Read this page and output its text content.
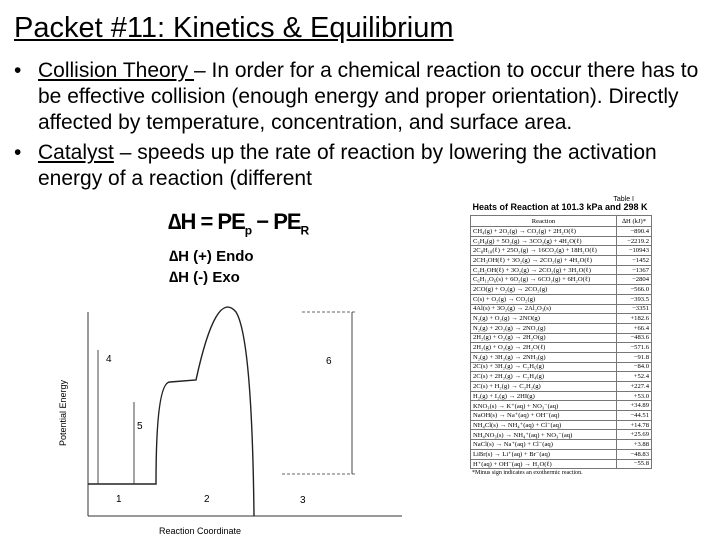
Packet #11: Kinetics & Equilibrium
• Collision Theory – In order for a chemical reaction to occur there has to be effective collision (enough energy and proper orientation). Directly affected by temperature, concentration, and surface area.
• Catalyst – speeds up the rate of reaction by lowering the activation energy of a reaction (different
$\Delta H = PE_p - PE_R$
∆H (+) Endo
∆H (-) Exo
Potential Energy
Reaction Coordinate
1	2	3
4
5
6
Table I
Heats of Reaction at 101.3 kPa and 298 K
Reaction	∆H (kJ)*
CH₄(g) + 2O₂(g) → CO₂(g) + 2H₂O(ℓ)	−890.4
C₃H₈(g) + 5O₂(g) → 3CO₂(g) + 4H₂O(ℓ)	−2219.2
2C₈H₁₈(ℓ) + 25O₂(g) → 16CO₂(g) + 18H₂O(ℓ)	−10943
2CH₃OH(ℓ) + 3O₂(g) → 2CO₂(g) + 4H₂O(ℓ)	−1452
C₂H₅OH(ℓ) + 3O₂(g) → 2CO₂(g) + 3H₂O(ℓ)	−1367
C₆H₁₂O₆(s) + 6O₂(g) → 6CO₂(g) + 6H₂O(ℓ)	−2804
2CO(g) + O₂(g) → 2CO₂(g)	−566.0
C(s) + O₂(g) → CO₂(g)	−393.5
4Al(s) + 3O₂(g) → 2Al₂O₃(s)	−3351
N₂(g) + O₂(g) → 2NO(g)	+182.6
N₂(g) + 2O₂(g) → 2NO₂(g)	+66.4
2H₂(g) + O₂(g) → 2H₂O(g)	−483.6
2H₂(g) + O₂(g) → 2H₂O(ℓ)	−571.6
N₂(g) + 3H₂(g) → 2NH₃(g)	−91.8
2C(s) + 3H₂(g) → C₂H₆(g)	−84.0
2C(s) + 2H₂(g) → C₂H₄(g)	+52.4
2C(s) + H₂(g) → C₂H₂(g)	+227.4
H₂(g) + I₂(g) → 2HI(g)	+53.0
KNO₃(s) → K⁺(aq) + NO₃⁻(aq)	+34.89
NaOH(s) → Na⁺(aq) + OH⁻(aq)	−44.51
NH₄Cl(s) → NH₄⁺(aq) + Cl⁻(aq)	+14.78
NH₄NO₃(s) → NH₄⁺(aq) + NO₃⁻(aq)	+25.69
NaCl(s) → Na⁺(aq) + Cl⁻(aq)	+3.88
LiBr(s) → Li⁺(aq) + Br⁻(aq)	−48.83
H⁺(aq) + OH⁻(aq) → H₂O(ℓ)	−55.8
*Minus sign indicates an exothermic reaction.
